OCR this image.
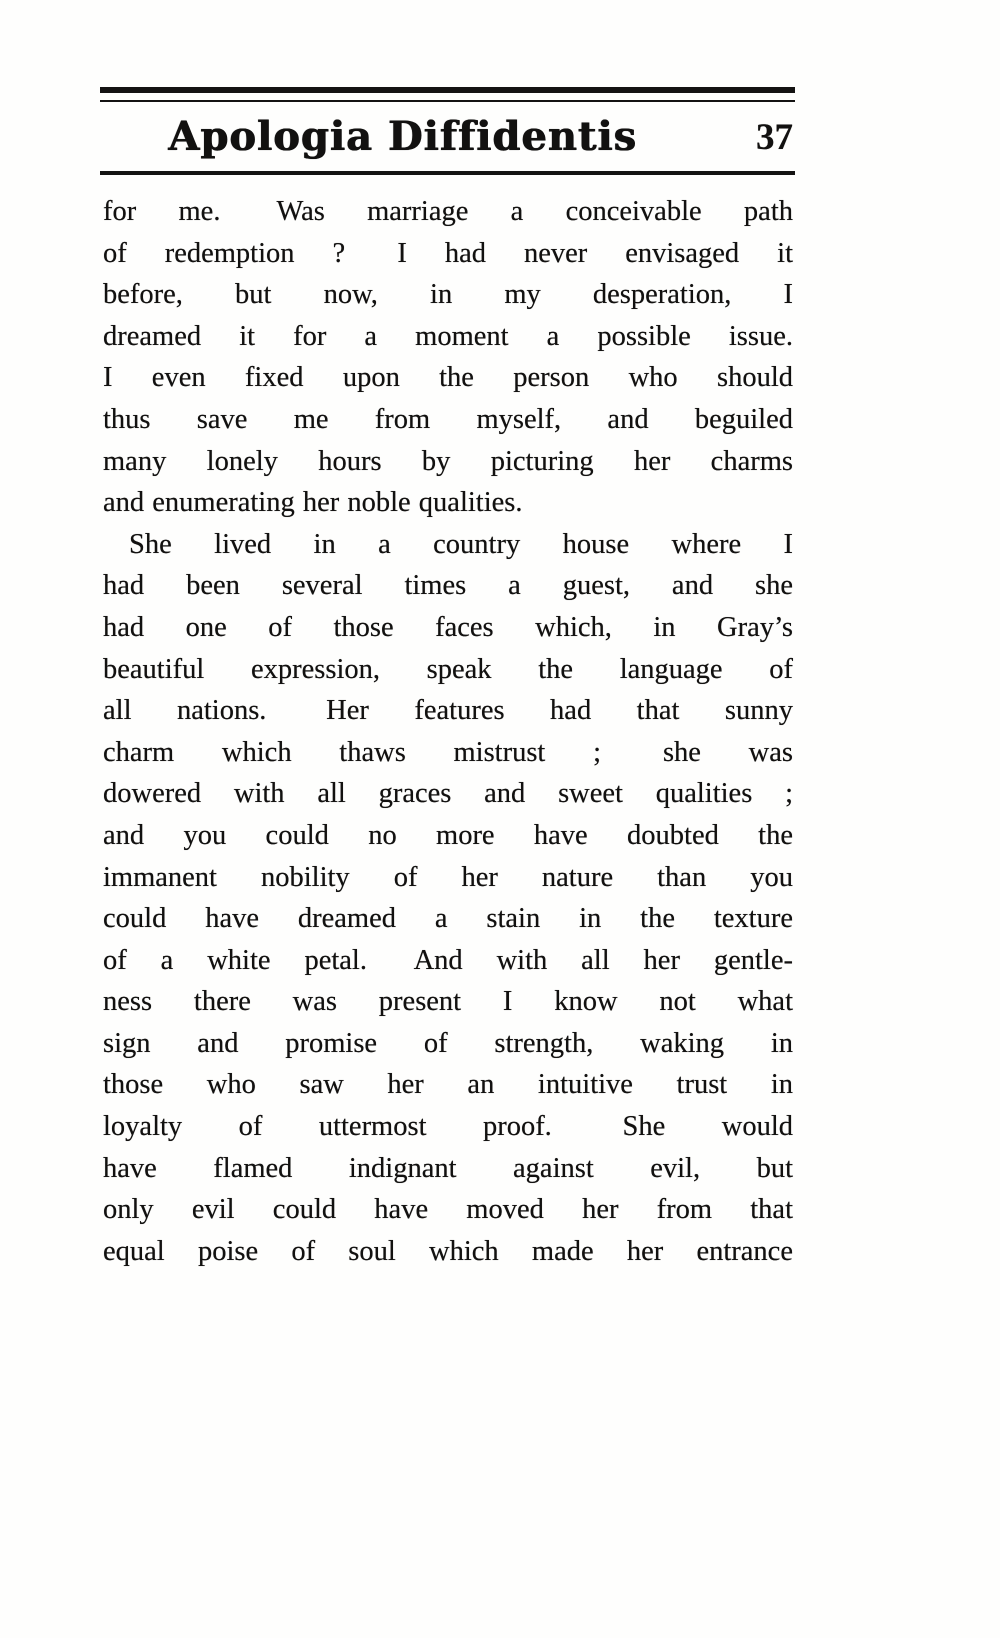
Apologia Diffidentis	37
for me.  Was marriage a conceivable path
of redemption ?  I had never envisaged it
before, but now, in my desperation, I
dreamed it for a moment a possible issue.
I even fixed upon the person who should
thus save me from myself, and beguiled
many lonely hours by picturing her charms
and enumerating her noble qualities.
She lived in a country house where I
had been several times a guest, and she
had one of those faces which, in Gray’s
beautiful expression, speak the language of
all nations.  Her features had that sunny
charm which thaws mistrust ;  she was
dowered with all graces and sweet qualities ;
and you could no more have doubted the
immanent nobility of her nature than you
could have dreamed a stain in the texture
of a white petal.  And with all her gentle-
ness there was present I know not what
sign and promise of strength, waking in
those who saw her an intuitive trust in
loyalty of uttermost proof.  She would
have flamed indignant against evil, but
only evil could have moved her from that
equal poise of soul which made her entrance
